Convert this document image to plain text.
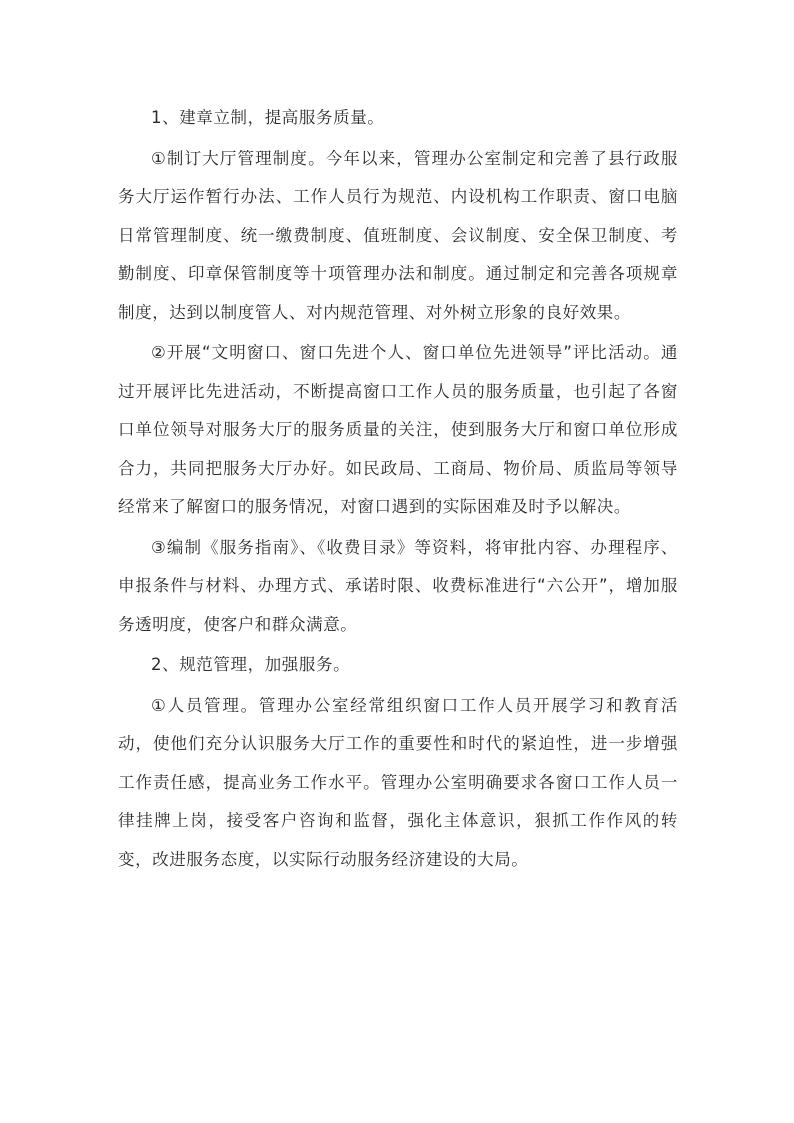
1、建章立制，提高服务质量。

①制订大厅管理制度。今年以来，管理办公室制定和完善了县行政服务大厅运作暂行办法、工作人员行为规范、内设机构工作职责、窗口电脑日常管理制度、统一缴费制度、值班制度、会议制度、安全保卫制度、考勤制度、印章保管制度等十项管理办法和制度。通过制定和完善各项规章制度，达到以制度管人、对内规范管理、对外树立形象的良好效果。

②开展“文明窗口、窗口先进个人、窗口单位先进领导”评比活动。通过开展评比先进活动，不断提高窗口工作人员的服务质量，也引起了各窗口单位领导对服务大厅的服务质量的关注，使到服务大厅和窗口单位形成合力，共同把服务大厅办好。如民政局、工商局、物价局、质监局等领导经常来了解窗口的服务情况，对窗口遇到的实际困难及时予以解决。

③编制《服务指南》、《收费目录》等资料，将审批内容、办理程序、申报条件与材料、办理方式、承诺时限、收费标准进行“六公开”，增加服务透明度，使客户和群众满意。

2、规范管理，加强服务。

①人员管理。管理办公室经常组织窗口工作人员开展学习和教育活动，使他们充分认识服务大厅工作的重要性和时代的紧迫性，进一步增强工作责任感，提高业务工作水平。管理办公室明确要求各窗口工作人员一律挂牌上岗，接受客户咨询和监督，强化主体意识，狠抓工作作风的转变，改进服务态度，以实际行动服务经济建设的大局。
